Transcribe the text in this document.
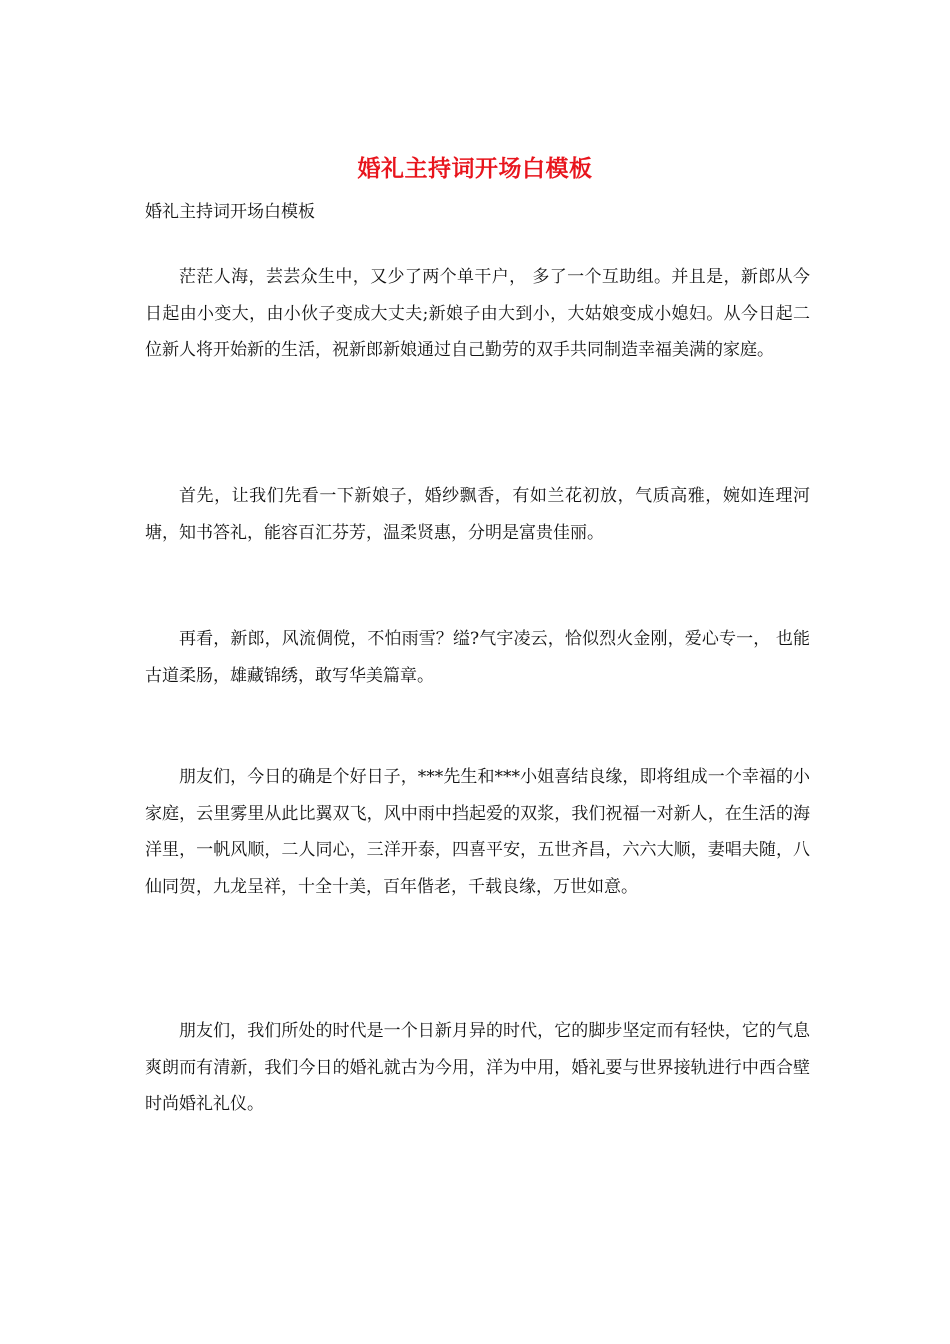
婚礼主持词开场白模板
婚礼主持词开场白模板

茫茫人海，芸芸众生中，又少了两个单干户， 多了一个互助组。并且是，新郎从今日起由小变大，由小伙子变成大丈夫;新娘子由大到小，大姑娘变成小媳妇。从今日起二位新人将开始新的生活，祝新郎新娘通过自己勤劳的双手共同制造幸福美满的家庭。

首先，让我们先看一下新娘子，婚纱飘香，有如兰花初放，气质高雅，婉如连理河塘，知书答礼，能容百汇芬芳，温柔贤惠，分明是富贵佳丽。

再看，新郎，风流倜傥，不怕雨雪？缢?气宇凌云，恰似烈火金刚，爱心专一， 也能古道柔肠，雄藏锦绣，敢写华美篇章。

朋友们，今日的确是个好日子，***先生和***小姐喜结良缘，即将组成一个幸福的小家庭，云里雾里从此比翼双飞，风中雨中挡起爱的双浆，我们祝福一对新人，在生活的海洋里，一帆风顺，二人同心，三洋开泰，四喜平安，五世齐昌，六六大顺，妻唱夫随，八仙同贺，九龙呈祥，十全十美，百年偕老，千载良缘，万世如意。

朋友们，我们所处的时代是一个日新月异的时代，它的脚步坚定而有轻快，它的气息爽朗而有清新，我们今日的婚礼就古为今用，洋为中用，婚礼要与世界接轨进行中西合壁时尚婚礼礼仪。
